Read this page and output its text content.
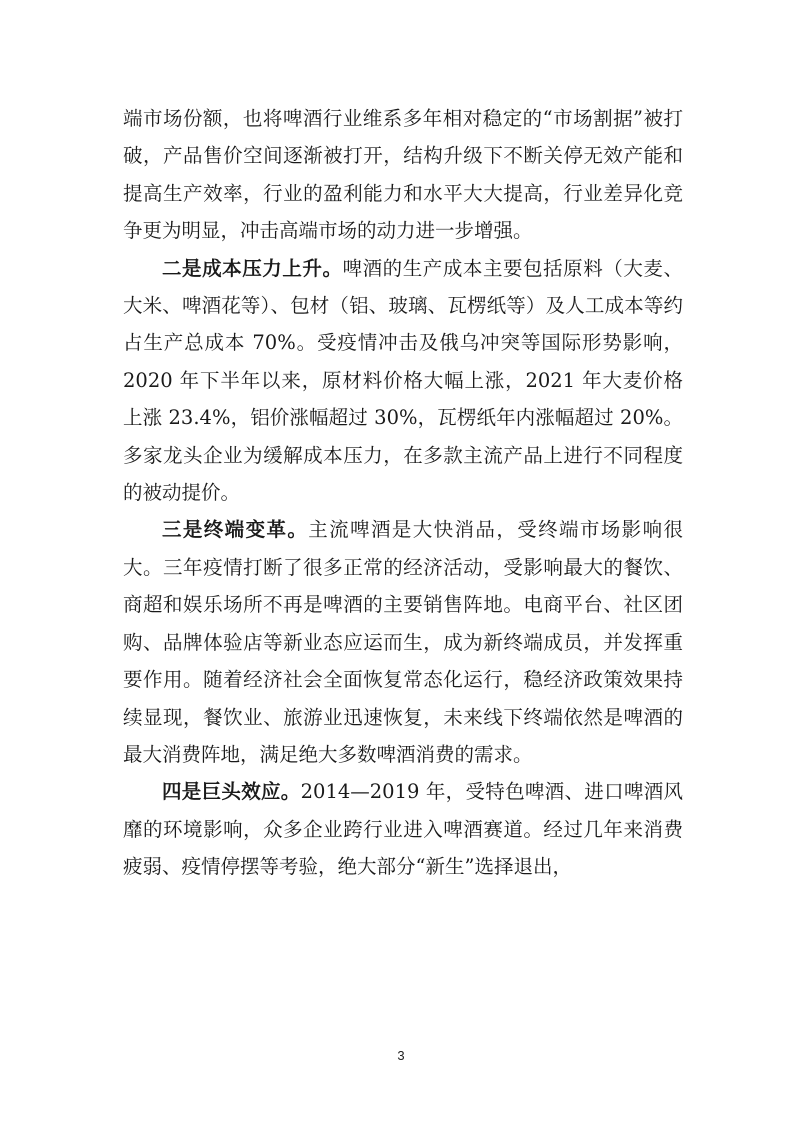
端市场份额，也将啤酒行业维系多年相对稳定的“市场割据”被打破，产品售价空间逐渐被打开，结构升级下不断关停无效产能和提高生产效率，行业的盈利能力和水平大大提高，行业差异化竞争更为明显，冲击高端市场的动力进一步增强。

二是成本压力上升。啤酒的生产成本主要包括原料（大麦、大米、啤酒花等）、包材（铝、玻璃、瓦楞纸等）及人工成本等约占生产总成本 70%。受疫情冲击及俄乌冲突等国际形势影响，2020 年下半年以来，原材料价格大幅上涨，2021 年大麦价格上涨 23.4%，铝价涨幅超过 30%，瓦楞纸年内涨幅超过 20%。多家龙头企业为缓解成本压力，在多款主流产品上进行不同程度的被动提价。

三是终端变革。主流啤酒是大快消品，受终端市场影响很大。三年疫情打断了很多正常的经济活动，受影响最大的餐饮、商超和娱乐场所不再是啤酒的主要销售阵地。电商平台、社区团购、品牌体验店等新业态应运而生，成为新终端成员，并发挥重要作用。随着经济社会全面恢复常态化运行，稳经济政策效果持续显现，餐饮业、旅游业迅速恢复，未来线下终端依然是啤酒的最大消费阵地，满足绝大多数啤酒消费的需求。

四是巨头效应。2014—2019 年，受特色啤酒、进口啤酒风靡的环境影响，众多企业跨行业进入啤酒赛道。经过几年来消费疲弱、疫情停摆等考验，绝大部分“新生”选择退出，

3
